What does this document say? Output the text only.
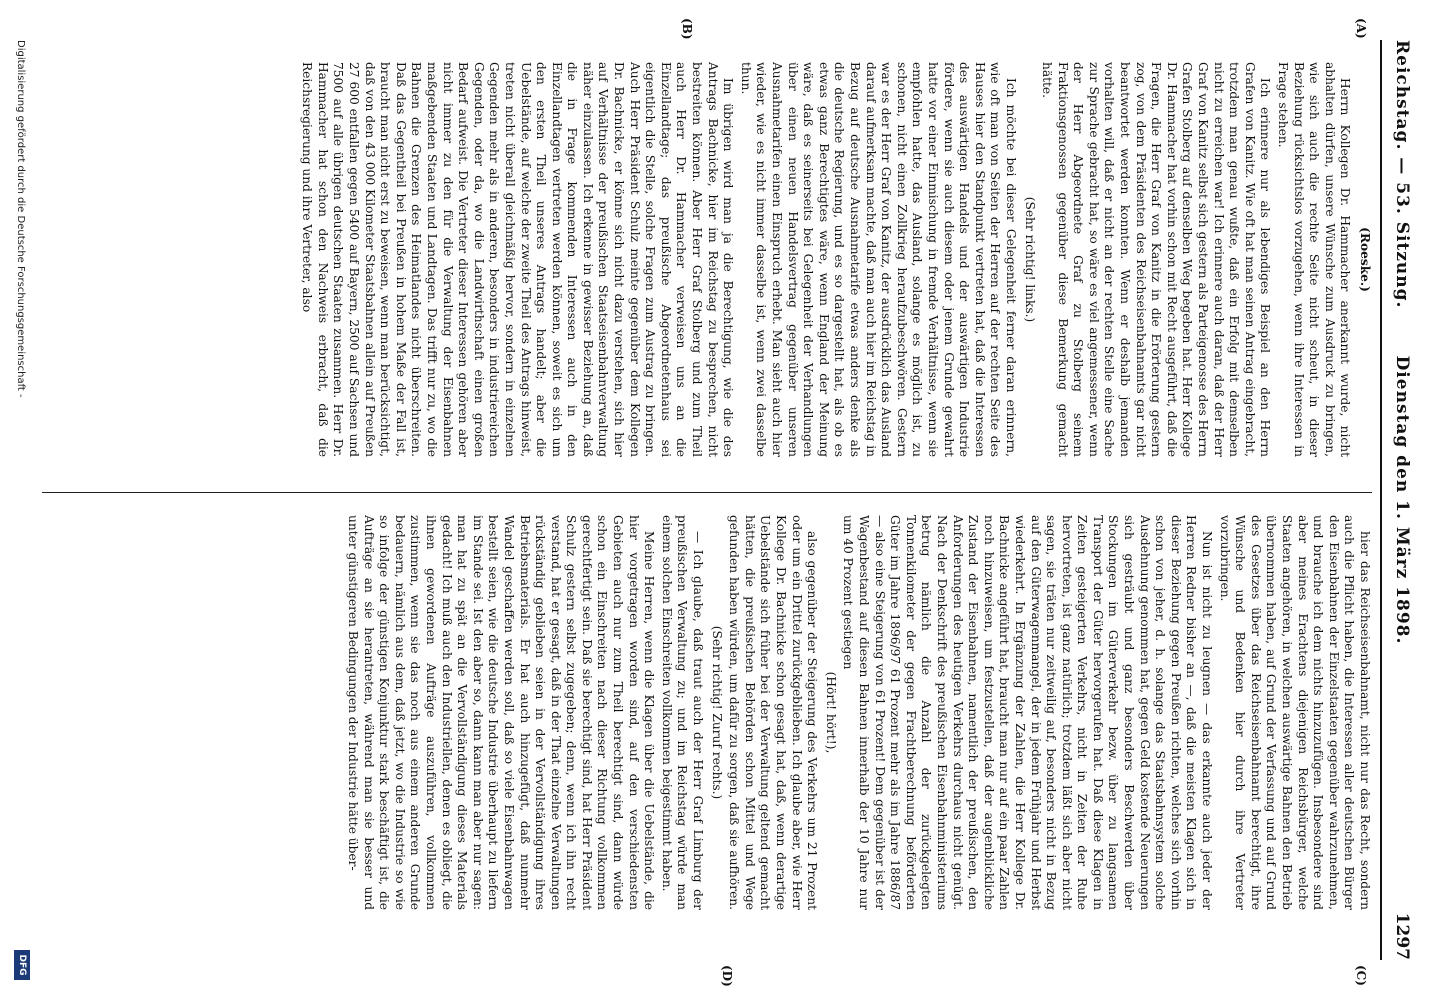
Reichstag. — 53. Sitzung.
Dienstag den 1. März 1898.
1297
(A)
(B)
(C)
(D)

(Roeske.)

Herrn Kollegen Dr. Hammacher anerkannt wurde, nicht abhalten dürfen, unsere Wünsche zum Ausdruck zu bringen, wie sich auch die rechte Seite nicht scheut, in dieser Beziehung rücksichtslos vorzugehen, wenn ihre Interessen in Frage stehen.

Ich erinnere nur als lebendiges Beispiel an den Herrn Grafen von Kanitz. Wie oft hat man seinen Antrag eingebracht, trotzdem man genau wußte, daß ein Erfolg mit demselben nicht zu erreichen war! Ich erinnere auch daran, daß der Herr Graf von Kanitz selbst sich gestern als Parteigenosse des Herrn Grafen Stolberg auf denselben Weg begeben hat. Herr Kollege Dr. Hammacher hat vorhin schon mit Recht ausgeführt, daß die Fragen, die Herr Graf von Kanitz in die Erörterung gestern zog, von dem Präsidenten des Reichseisenbahnamts gar nicht beantwortet werden konnten. Wenn er deshalb jemanden vorhalten will, daß er nicht an der rechten Stelle eine Sache zur Sprache gebracht hat, so wäre es viel angemessener, wenn der Herr Abgeordnete Graf zu Stolberg seinem Fraktionsgenossen gegenüber diese Bemerkung gemacht hätte.

(Sehr richtig! links.)

Ich möchte bei dieser Gelegenheit ferner daran erinnern, wie oft man von Seiten der Herren auf der rechten Seite des Hauses hier den Standpunkt vertreten hat, daß die Interessen des auswärtigen Handels und der auswärtigen Industrie fördere, wenn sie auch diesem oder jenem Grunde gewahrt hatte vor einer Einmischung in fremde Verhältnisse, wenn sie empfohlen hatte, das Ausland, solange es möglich ist, zu schonen, nicht einen Zollkrieg heraufzubeschwören. Gestern war es der Herr Graf von Kanitz, der ausdrücklich das Ausland darauf aufmerksam machte, daß man auch hier im Reichstag in Bezug auf deutsche Ausnahmetarife etwas anders denke als die deutsche Regierung, und es so dargestellt hat, als ob es etwas ganz Berechtigtes wäre, wenn England der Meinung wäre, daß es seinerseits bei Gelegenheit der Verhandlungen über einen neuen Handelsvertrag gegenüber unseren Ausnahmetarifen einen Einspruch erhebt. Man sieht auch hier wieder, wie es nicht immer dasselbe ist, wenn zwei dasselbe thun.

Im übrigen wird man ja die Berechtigung, wie die des Antrags Bachnicke, hier im Reichstag zu besprechen, nicht bestreiten können. Aber Herr Graf Stolberg und zum Theil auch Herr Dr. Hammacher verweisen uns an die Einzellandtage; das preußische Abgeordnetenhaus sei eigentlich die Stelle, solche Fragen zum Austrag zu bringen. Auch Herr Präsident Schulz meinte gegenüber dem Kollegen Dr. Bachnicke, er könne sich nicht dazu verstehen, sich hier auf Verhältnisse der preußischen Staatseisenbahnverwaltung näher einzulassen. Ich erkenne in gewisser Beziehung an, daß die in Frage kommenden Interessen auch in den Einzellandtagen vertreten werden können, soweit es sich um den ersten Theil unseres Antrags handelt; aber die Uebelstände, auf welche der zweite Theil des Antrags hinweist, treten nicht überall gleichmäßig hervor, sondern in einzelnen Gegenden mehr als in anderen, besonders in industriereichen Gegenden, oder da, wo die Landwirthschaft einen großen Bedarf aufweist. Die Vertreter dieser Interessen gehören aber nicht immer zu den für die Verwaltung der Eisenbahnen maßgebenden Staaten und Landtagen. Das trifft nur zu, wo die Bahnen die Grenzen des Heimatlandes nicht überschreiten. Daß das Gegentheil bei Preußen in hohem Maße der Fall ist, braucht man nicht erst zu beweisen, wenn man berücksichtigt, daß von den 43 000 Kilometer Staatsbahnen allein auf Preußen 27 600 entfallen gegen 5400 auf Bayern, 2500 auf Sachsen und 7500 auf alle übrigen deutschen Staaten zusammen. Herr Dr. Hammacher hat schon den Nachweis erbracht, daß die Reichsregierung und ihre Vertreter, also

hier das Reichseisenbahnamt, nicht nur das Recht, sondern auch die Pflicht haben, die Interessen aller deutschen Bürger den Eisenbahnen der Einzelstaaten gegenüber wahrzunehmen, und brauche ich dem nichts hinzuzufügen. Insbesondere sind aber meines Erachtens diejenigen Reichsbürger, welche Staaten angehören, in welchen auswärtige Bahnen den Betrieb übernommen haben, auf Grund der Verfassung und auf Grund des Gesetzes über das Reichseisenbahnamt berechtigt, ihre Wünsche und Bedenken hier durch ihre Vertreter vorzubringen.

Nun ist nicht zu leugnen — das erkannte auch jeder der Herren Redner bisher an —, daß die meisten Klagen sich in dieser Beziehung gegen Preußen richten, welches sich vorhin schon von jeher, d. h. solange das Staatsbahnsystem solche Ausdehnung genommen hat, gegen Geld kostende Neuerungen sich gesträubt und ganz besonders Beschwerden über Stockungen im Güterverkehr bezw. über zu langsamen Transport der Güter hervorgerufen hat. Daß diese Klagen in Zeiten gesteigerten Verkehrs, nicht in Zeiten der Ruhe hervortreten, ist ganz natürlich; trotzdem läßt sich aber nicht sagen, sie träten nur zeitweilig auf, besonders nicht in Bezug auf den Güterwagenmangel, der in jedem Frühjahr und Herbst wiederkehrt. In Ergänzung der Zahlen, die Herr Kollege Dr. Bachnicke angeführt hat, braucht man nur auf ein paar Zahlen noch hinzuweisen, um festzustellen, daß der augenblickliche Zustand der Eisenbahnen, namentlich der preußischen, den Anforderungen des heutigen Verkehrs durchaus nicht genügt. Nach der Denkschrift des preußischen Eisenbahnministeriums betrug nämlich die Anzahl der zurückgelegten Tonnenkilometer der gegen Frachtberechnung beförderten Güter im Jahre 1896/97 61 Prozent mehr als im Jahre 1886/87 — also eine Steigerung von 61 Prozent! Dem gegenüber ist der Wagenbestand auf diesen Bahnen innerhalb der 10 Jahre nur um 40 Prozent gestiegen

(Hört! hört!),

also gegenüber der Steigerung des Verkehrs um 21 Prozent oder um ein Drittel zurückgeblieben. Ich glaube aber, wie Herr Kollege Dr. Bachnicke schon gesagt hat, daß, wenn derartige Uebelstände sich früher bei der Verwaltung geltend gemacht hätten, die preußischen Behörden schon Mittel und Wege gefunden haben würden, um dafür zu sorgen, daß sie aufhören.

(Sehr richtig! Zuruf rechts.)

— Ich glaube, daß traut auch der Herr Graf Limburg der preußischen Verwaltung zu; und im Reichstag würde man einem solchen Einschreiten vollkommen beigestimmt haben.

Meine Herren, wenn die Klagen über die Uebelstände, die hier vorgetragen worden sind, auf den verschiedensten Gebieten auch nur zum Theil berechtigt sind, dann würde schon ein Einschreiten nach dieser Richtung vollkommen gerechtfertigt sein. Daß sie berechtigt sind, hat Herr Präsident Schulz gestern selbst zugegeben; denn, wenn ich ihn recht verstand, hat er gesagt, daß in der That einzelne Verwaltungen rückständig geblieben seien in der Vervollständigung ihres Betriebsmaterials. Er hat auch hinzugefügt, daß nunmehr Wandel geschaffen werden soll, daß so viele Eisenbahnwagen bestellt seien, wie die deutsche Industrie überhaupt zu liefern im Stande sei. Ist den aber so, dann kann man aber nur sagen: man hat zu spät an die Vervollständigung dieses Materials gedacht! Ich muß auch den Industriellen, denen es obliegt, die ihnen gewordenen Aufträge auszuführen, vollkommen zustimmen, wenn sie das noch aus einem anderen Grunde bedauern, nämlich aus dem, daß jetzt, wo die Industrie so wie so infolge der günstigen Konjunktur stark beschäftigt ist, die Aufträge an sie herantreten, während man sie besser und unter günstigeren Bedingungen der Industrie hätte über-

Digitalisierung gefördert durch die Deutsche Forschungsgemeinschaft -
DFG
